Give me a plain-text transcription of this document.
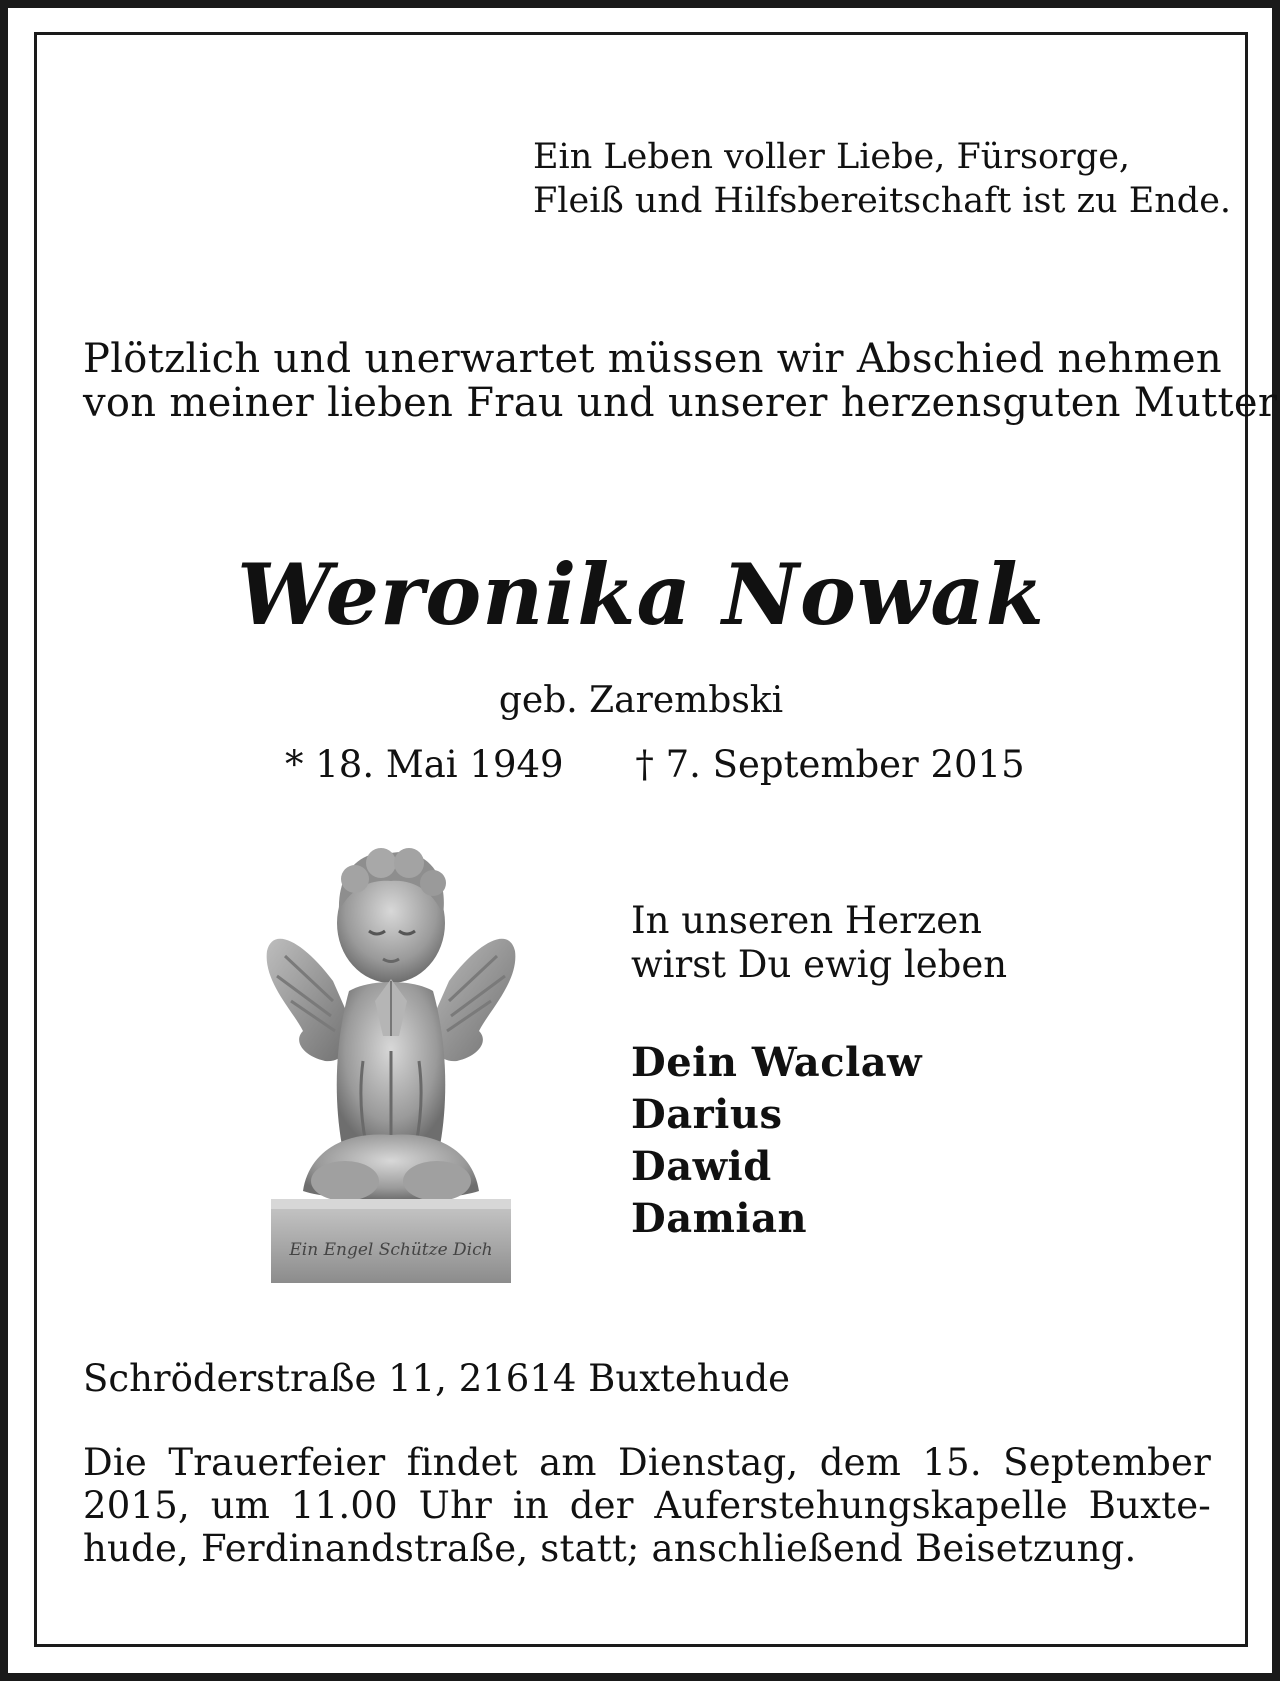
Ein Leben voller Liebe, Fürsorge,
Fleiß und Hilfsbereitschaft ist zu Ende.
Plötzlich und unerwartet müssen wir Abschied nehmen
von meiner lieben Frau und unserer herzensguten Mutter
Weronika Nowak
geb. Zarembski
* 18. Mai 1949 † 7. September 2015
Ein Engel Schütze Dich
In unseren Herzen
wirst Du ewig leben
Dein Waclaw
Darius
Dawid
Damian
Schröderstraße 11, 21614 Buxtehude
Die Trauerfeier findet am Dienstag, dem 15. September
2015, um 11.00 Uhr in der Auferstehungskapelle Buxte-
hude, Ferdinandstraße, statt; anschließend Beisetzung.
